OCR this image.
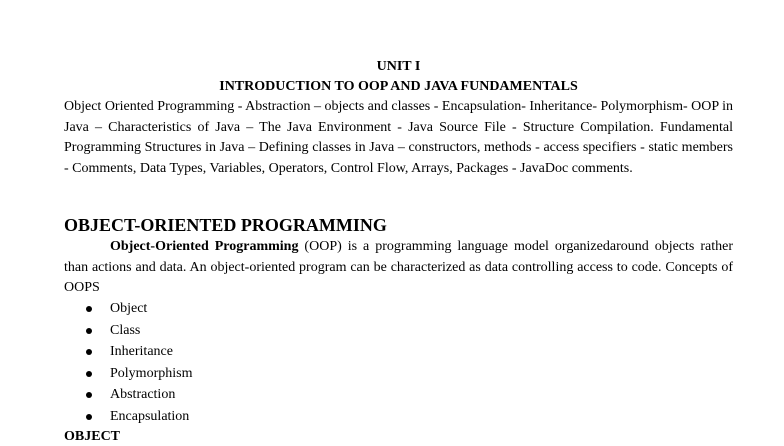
UNIT I
INTRODUCTION TO OOP AND JAVA FUNDAMENTALS

Object Oriented Programming - Abstraction – objects and classes - Encapsulation- Inheritance- Polymorphism- OOP in Java – Characteristics of Java – The Java Environment - Java Source File - Structure Compilation. Fundamental Programming Structures in Java – Defining classes in Java – constructors, methods - access specifiers - static members - Comments, Data Types, Variables, Operators, Control Flow, Arrays, Packages - JavaDoc comments.

OBJECT-ORIENTED PROGRAMMING

Object-Oriented Programming (OOP) is a programming language model organizedaround objects rather than actions and data. An object-oriented program can be characterized as data controlling access to code. Concepts of OOPS

Object
Class
Inheritance
Polymorphism
Abstraction
Encapsulation
OBJECT
